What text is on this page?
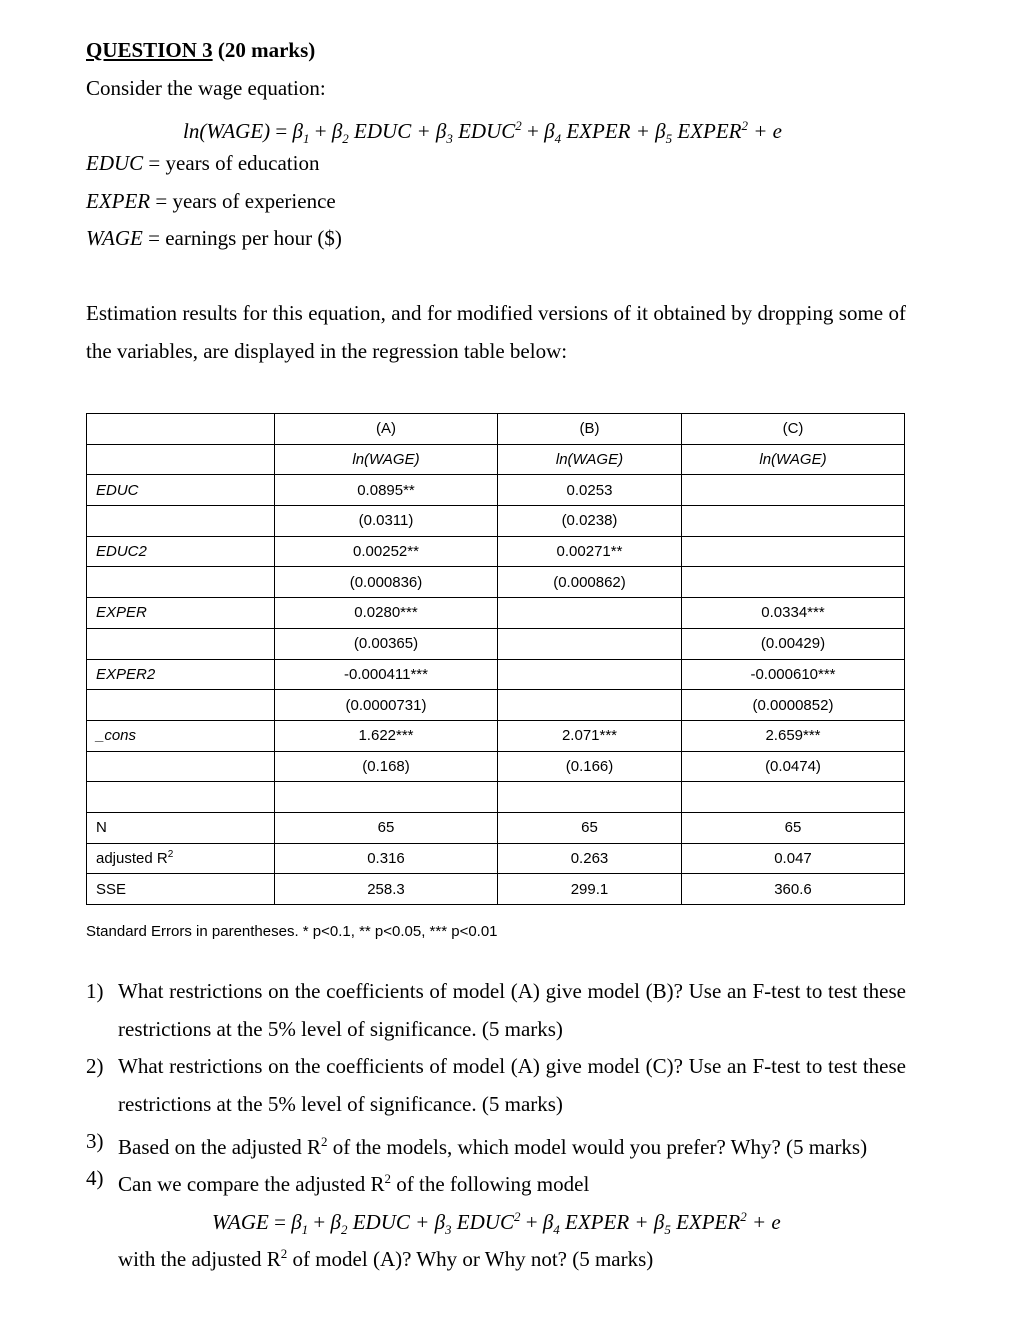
QUESTION 3 (20 marks)
Consider the wage equation:
ln(WAGE) = $\beta_1 + \beta_2$ EDUC + $\beta_3$ $EDUC^2 + \beta_4$ EXPER + $\beta_5$ $EXPER^2 + e$
EDUC = years of education
EXPER = years of experience
WAGE = earnings per hour ($)
Estimation results for this equation, and for modified versions of it obtained by dropping some of the variables, are displayed in the regression table below:
	(A)	(B)	(C)
	ln(WAGE)	ln(WAGE)	ln(WAGE)
EDUC	0.0895**	0.0253	
	(0.0311)	(0.0238)	
EDUC2	0.00252**	0.00271**	
	(0.000836)	(0.000862)	
EXPER	0.0280***		0.0334***
	(0.00365)		(0.00429)
EXPER2	-0.000411***		-0.000610***
	(0.0000731)		(0.0000852)
_cons	1.622***	2.071***	2.659***
	(0.168)	(0.166)	(0.0474)

N	65	65	65
adjusted $R^2$	0.316	0.263	0.047
SSE	258.3	299.1	360.6
Standard Errors in parentheses. * p<0.1, ** p<0.05, *** p<0.01
1) What restrictions on the coefficients of model (A) give model (B)? Use an F-test to test these restrictions at the 5% level of significance. (5 marks)
2) What restrictions on the coefficients of model (A) give model (C)? Use an F-test to test these restrictions at the 5% level of significance. (5 marks)
3) Based on the adjusted $R^2$ of the models, which model would you prefer? Why? (5 marks)
4) Can we compare the adjusted $R^2$ of the following model
WAGE = $\beta_1 + \beta_2$ EDUC + $\beta_3$ $EDUC^2 + \beta_4$ EXPER + $\beta_5$ $EXPER^2 + e$
with the adjusted $R^2$ of model (A)? Why or Why not? (5 marks)
